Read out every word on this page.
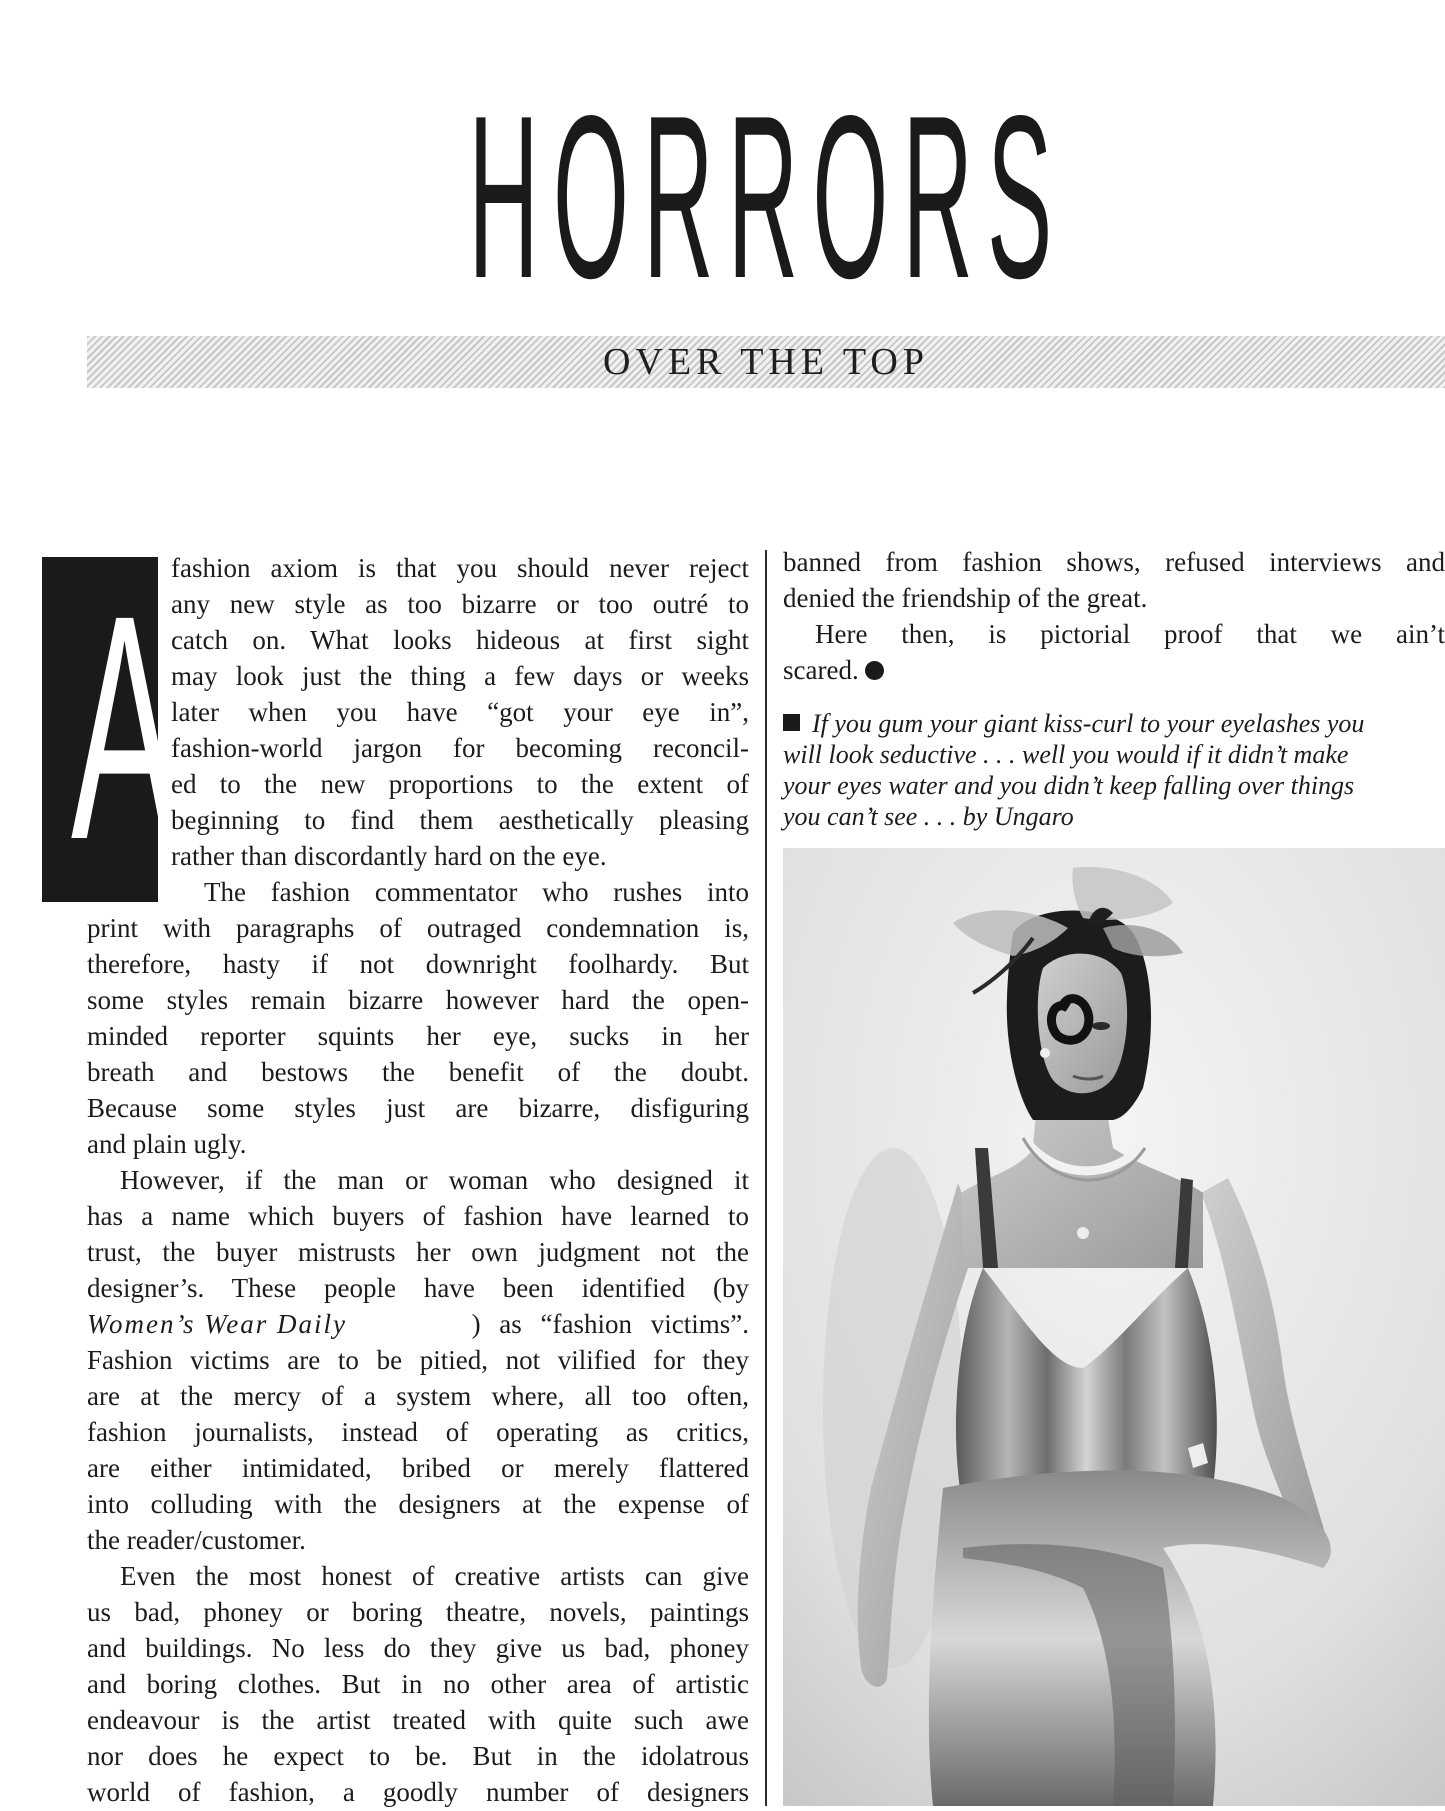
HORRORS
OVER THE TOP
A
fashion axiom is that you should never reject
any new style as too bizarre or too outré to
catch on. What looks hideous at first sight
may look just the thing a few days or weeks
later when you have “got your eye in”,
fashion-world jargon for becoming reconcil-
ed to the new proportions to the extent of
beginning to find them aesthetically pleasing
rather than discordantly hard on the eye.
The fashion commentator who rushes into
print with paragraphs of outraged condemnation is,
therefore, hasty if not downright foolhardy. But
some styles remain bizarre however hard the open-
minded reporter squints her eye, sucks in her
breath and bestows the benefit of the doubt.
Because some styles just are bizarre, disfiguring
and plain ugly.
However, if the man or woman who designed it
has a name which buyers of fashion have learned to
trust, the buyer mistrusts her own judgment not the
designer’s. These people have been identified (by
Women’s Wear Daily	) as “fashion victims”.
Fashion victims are to be pitied, not vilified for they
are at the mercy of a system where, all too often,
fashion journalists, instead of operating as critics,
are either intimidated, bribed or merely flattered
into colluding with the designers at the expense of
the reader/customer.
Even the most honest of creative artists can give
us bad, phoney or boring theatre, novels, paintings
and buildings. No less do they give us bad, phoney
and boring clothes. But in no other area of artistic
endeavour is the artist treated with quite such awe
nor does he expect to be. But in the idolatrous
world of fashion, a goodly number of designers
banned from fashion shows, refused interviews and
denied the friendship of the great.
Here then, is pictorial proof that we ain’t
scared.
If you gum your giant kiss-curl to your eyelashes you
will look seductive . . . well you would if it didn’t make
your eyes water and you didn’t keep falling over things
you can’t see . . . by Ungaro
